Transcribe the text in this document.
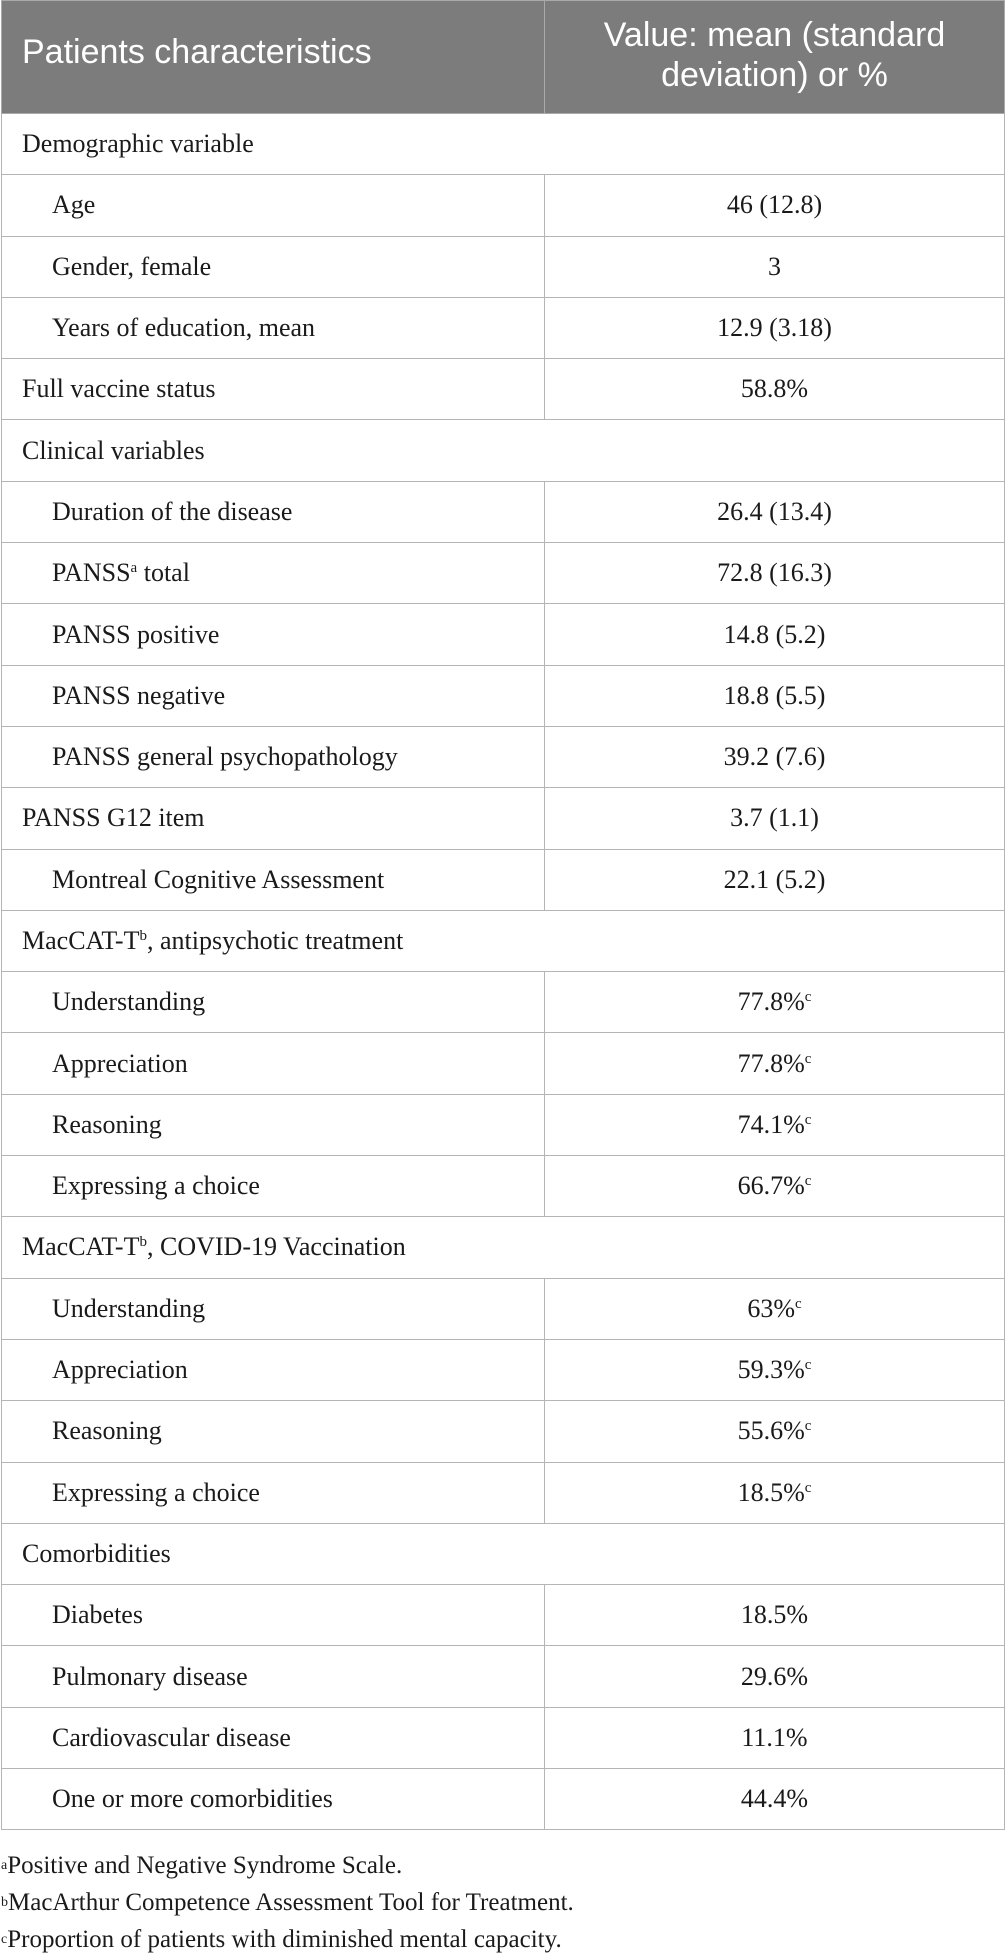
Patients characteristics	Value: mean (standard deviation) or %
Demographic variable	
Age	46 (12.8)
Gender, female	3
Years of education, mean	12.9 (3.18)
Full vaccine status	58.8%
Clinical variables	
Duration of the disease	26.4 (13.4)
PANSS$^a$ total	72.8 (16.3)
PANSS positive	14.8 (5.2)
PANSS negative	18.8 (5.5)
PANSS general psychopathology	39.2 (7.6)
PANSS G12 item	3.7 (1.1)
Montreal Cognitive Assessment	22.1 (5.2)
MacCAT-$T^b$, antipsychotic treatment	
Understanding	77.8%$^c$
Appreciation	77.8%$^c$
Reasoning	74.1%$^c$
Expressing a choice	66.7%$^c$
MacCAT-$T^b$, COVID-19 Vaccination	
Understanding	63%$^c$
Appreciation	59.3%$^c$
Reasoning	55.6%$^c$
Expressing a choice	18.5%$^c$
Comorbidities	
Diabetes	18.5%
Pulmonary disease	29.6%
Cardiovascular disease	11.1%
One or more comorbidities	44.4%
$^a$Positive and Negative Syndrome Scale.
$^b$MacArthur Competence Assessment Tool for Treatment.
$^c$Proportion of patients with diminished mental capacity.
